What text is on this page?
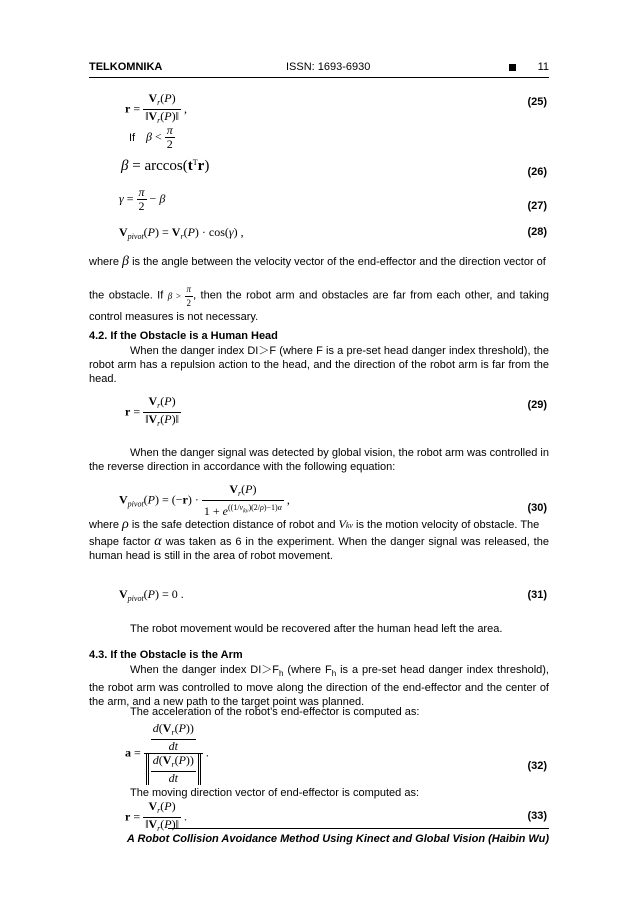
TELKOMNIKA	ISSN: 1693-6930	11
$r = \frac{V_r(P)}{‖V_r(P)‖}$ ,	(25)
If $\beta < \frac{\pi}{2}$
$\beta = \arccos(t^Tr)$	(26)
$\gamma = \frac{\pi}{2} - \beta$
(27)
$V_{pivot}(P) = V_r(P) \cdot \cos(\gamma)$ ,	(28)
where β is the angle between the velocity vector of the end-effector and the direction vector of
the obstacle. If $\beta > \frac{\pi}{2}$ , then the robot arm and obstacles are far from each other, and taking control measures is not necessary.
4.2. If the Obstacle is a Human Head
When the danger index DI＞F (where F is a pre-set head danger index threshold), the robot arm has a repulsion action to the head, and the direction of the robot arm is far from the head.
$r = \frac{V_r(P)}{‖V_r(P)‖}$	(29)
When the danger signal was detected by global vision, the robot arm was controlled in the reverse direction in accordance with the following equation:
$V_{pivot}(P) = (-r) \cdot \frac{V_r(P)}{1 + e^{((1/v_{kv})(2/\rho)-1)\alpha}}$ ,
(30)
where ρ is the safe detection distance of robot and Vkv is the motion velocity of obstacle. The
shape factor α was taken as 6 in the experiment. When the danger signal was released, the human head is still in the area of robot movement.
$V_{pivot}(P) = 0$ .	(31)
The robot movement would be recovered after the human head left the area.
4.3. If the Obstacle is the Arm
When the danger index $DI>F_h$ (where $F_h$ is a pre-set head danger index threshold), the robot arm was controlled to move along the direction of the end-effector and the center of the arm, and a new path to the target point was planned.
The acceleration of the robot’s end-effector is computed as:
$a = \frac{\frac{d(V_r(P))}{dt}}{\frac{d(V_r(P))}{dt}}$ .
(32)
The moving direction vector of end-effector is computed as:
A Robot Collision Avoidance Method Using Kinect and Global Vision (Haibin Wu)
$r = \frac{V_r(P)}{‖V_r(P)‖}$ .	(33)
